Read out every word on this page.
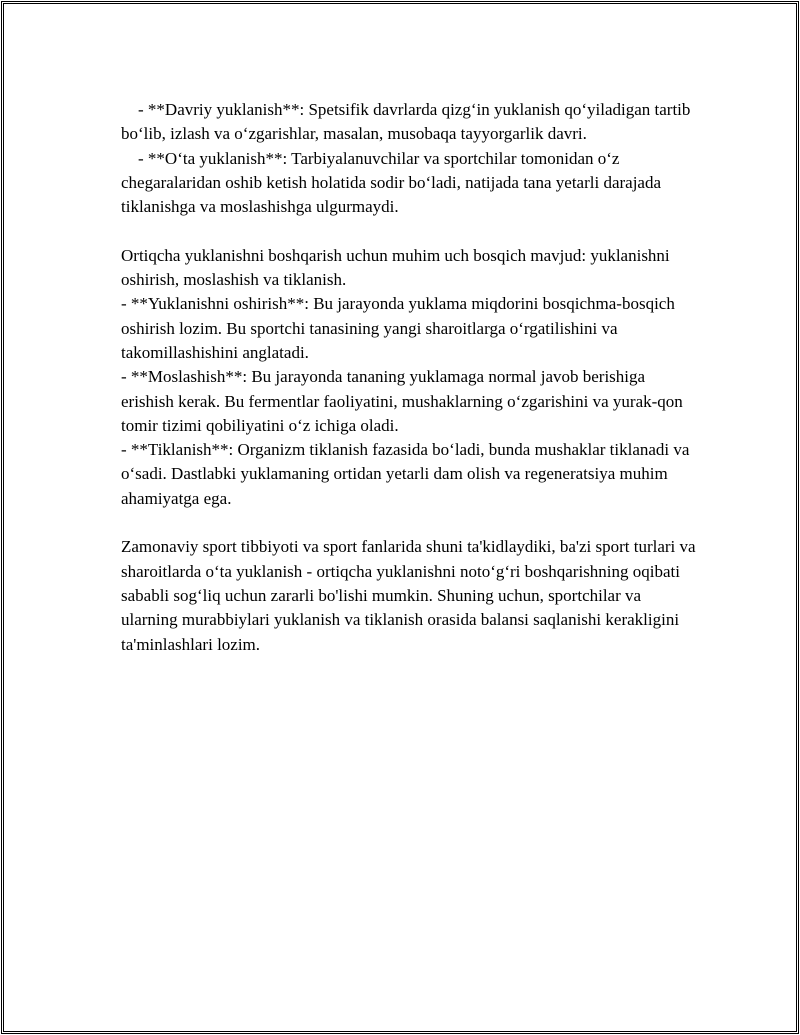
- **Davriy yuklanish**: Spetsifik davrlarda qizg‘in yuklanish qo‘yiladigan tartib bo‘lib, izlash va o‘zgarishlar, masalan, musobaqa tayyorgarlik davri.

- **O‘ta yuklanish**: Tarbiyalanuvchilar va sportchilar tomonidan o‘z chegaralaridan oshib ketish holatida sodir bo‘ladi, natijada tana yetarli darajada tiklanishga va moslashishga ulgurmaydi.

Ortiqcha yuklanishni boshqarish uchun muhim uch bosqich mavjud: yuklanishni oshirish, moslashish va tiklanish.

- **Yuklanishni oshirish**: Bu jarayonda yuklama miqdorini bosqichma-bosqich oshirish lozim. Bu sportchi tanasining yangi sharoitlarga o‘rgatilishini va takomillashishini anglatadi.

- **Moslashish**: Bu jarayonda tananing yuklamaga normal javob berishiga erishish kerak. Bu fermentlar faoliyatini, mushaklarning o‘zgarishini va yurak-qon tomir tizimi qobiliyatini o‘z ichiga oladi.

- **Tiklanish**: Organizm tiklanish fazasida bo‘ladi, bunda mushaklar tiklanadi va o‘sadi. Dastlabki yuklamaning ortidan yetarli dam olish va regeneratsiya muhim ahamiyatga ega.

Zamonaviy sport tibbiyoti va sport fanlarida shuni ta'kidlaydiki, ba'zi sport turlari va sharoitlarda o‘ta yuklanish - ortiqcha yuklanishni noto‘g‘ri boshqarishning oqibati sababli sog‘liq uchun zararli bo'lishi mumkin. Shuning uchun, sportchilar va ularning murabbiylari yuklanish va tiklanish orasida balansi saqlanishi kerakligini ta'minlashlari lozim.
